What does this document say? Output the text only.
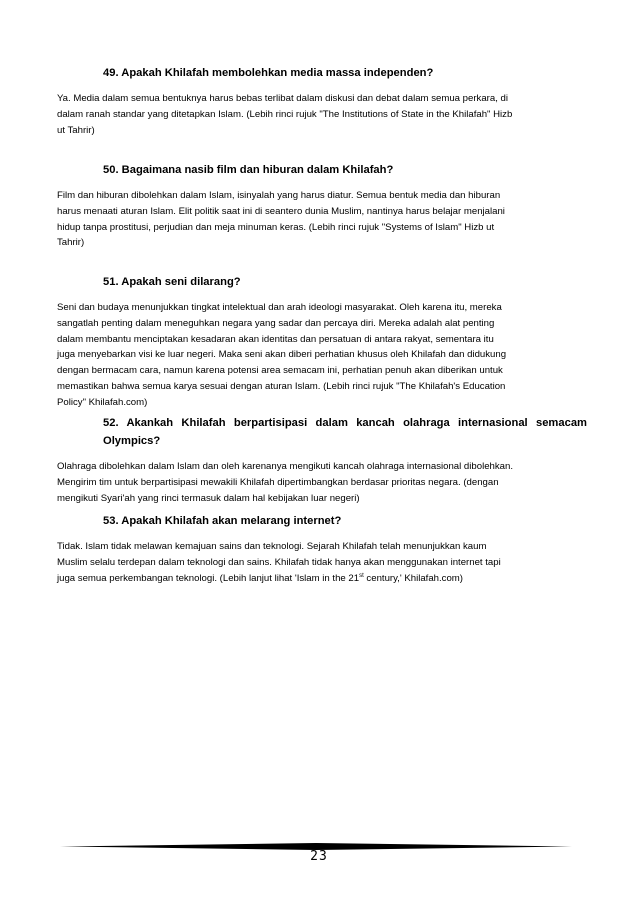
49. Apakah Khilafah membolehkan media massa independen?

Ya. Media dalam semua bentuknya harus bebas terlibat dalam diskusi dan debat dalam semua perkara, di
dalam ranah standar yang ditetapkan Islam. (Lebih rinci rujuk "The Institutions of State in the Khilafah" Hizb
ut Tahrir)

50. Bagaimana nasib film dan hiburan dalam Khilafah?

Film dan hiburan dibolehkan dalam Islam, isinyalah yang harus diatur. Semua bentuk media dan hiburan
harus menaati aturan Islam. Elit politik saat ini di seantero dunia Muslim, nantinya harus belajar menjalani
hidup tanpa prostitusi, perjudian dan meja minuman keras. (Lebih rinci rujuk "Systems of Islam" Hizb ut
Tahrir)

51. Apakah seni dilarang?

Seni dan budaya menunjukkan tingkat intelektual dan arah ideologi masyarakat. Oleh karena itu, mereka
sangatlah penting dalam meneguhkan negara yang sadar dan percaya diri. Mereka adalah alat penting
dalam membantu menciptakan kesadaran akan identitas dan persatuan di antara rakyat, sementara itu
juga menyebarkan visi ke luar negeri. Maka seni akan diberi perhatian khusus oleh Khilafah dan didukung
dengan bermacam cara, namun karena potensi area semacam ini, perhatian penuh akan diberikan untuk
memastikan bahwa semua karya sesuai dengan aturan Islam. (Lebih rinci rujuk "The Khilafah's Education
Policy" Khilafah.com)

52. Akankah Khilafah berpartisipasi dalam kancah olahraga internasional semacam Olympics?

Olahraga dibolehkan dalam Islam dan oleh karenanya mengikuti kancah olahraga internasional dibolehkan.
Mengirim tim untuk berpartisipasi mewakili Khilafah dipertimbangkan berdasar prioritas negara. (dengan
mengikuti Syari'ah yang rinci termasuk dalam hal kebijakan luar negeri)

53. Apakah Khilafah akan melarang internet?

Tidak. Islam tidak melawan kemajuan sains dan teknologi. Sejarah Khilafah telah menunjukkan kaum
Muslim selalu terdepan dalam teknologi dan sains. Khilafah tidak hanya akan menggunakan internet tapi
juga semua perkembangan teknologi. (Lebih lanjut lihat 'Islam in the 21st century,' Khilafah.com)

23
